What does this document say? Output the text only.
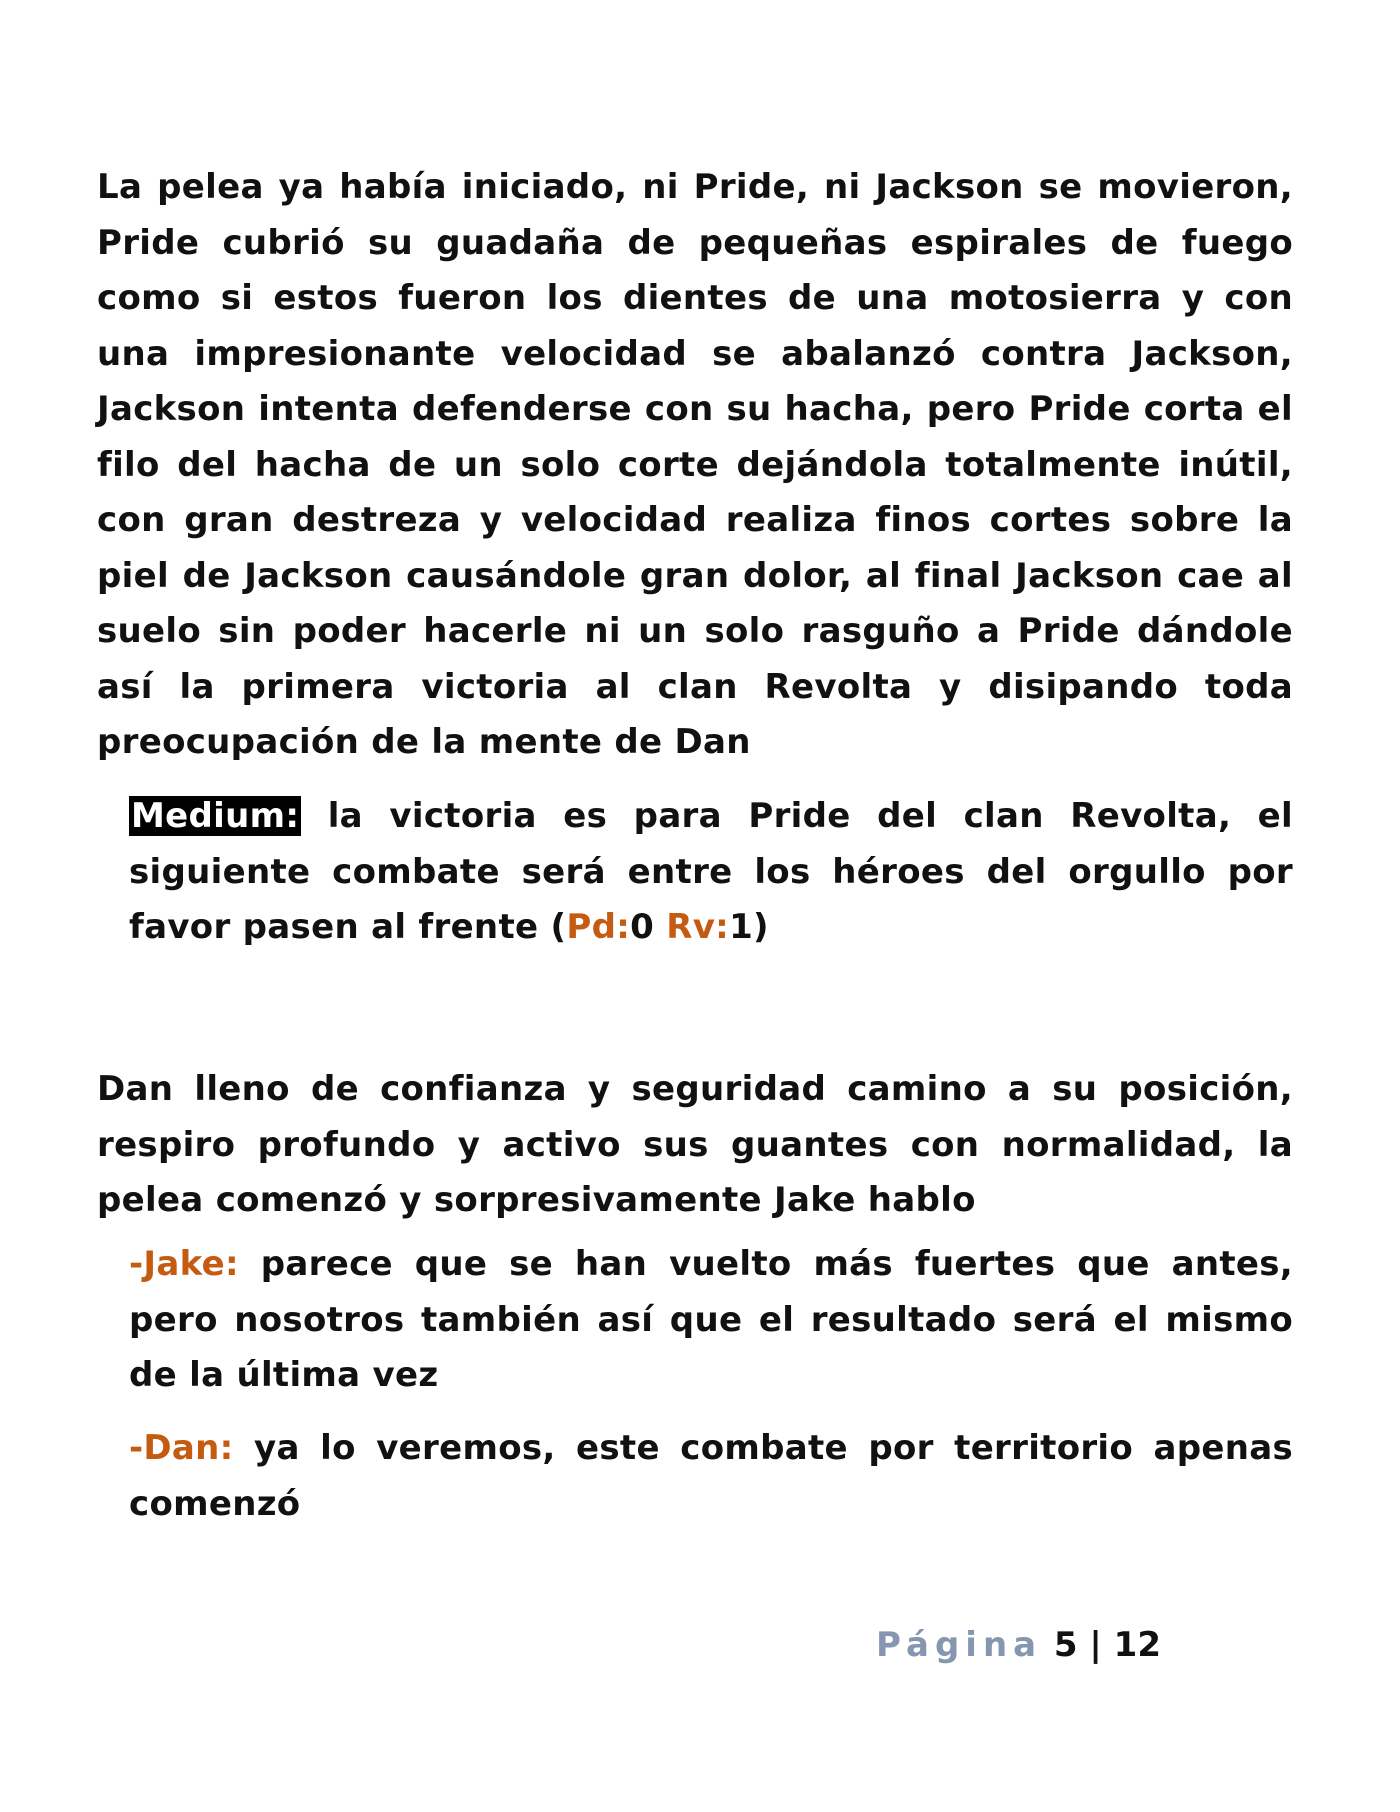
La pelea ya había iniciado, ni Pride, ni Jackson se movieron, Pride cubrió su guadaña de pequeñas espirales de fuego como si estos fueron los dientes de una motosierra y con una impresionante velocidad se abalanzó contra Jackson, Jackson intenta defenderse con su hacha, pero Pride corta el filo del hacha de un solo corte dejándola totalmente inútil, con gran destreza y velocidad realiza finos cortes sobre la piel de Jackson causándole gran dolor, al final Jackson cae al suelo sin poder hacerle ni un solo rasguño a Pride dándole así la primera victoria al clan Revolta y disipando toda preocupación de la mente de Dan

Medium: la victoria es para Pride del clan Revolta, el siguiente combate será entre los héroes del orgullo por favor pasen al frente (Pd:0 Rv:1)

Dan lleno de confianza y seguridad camino a su posición, respiro profundo y activo sus guantes con normalidad, la pelea comenzó y sorpresivamente Jake hablo

-Jake: parece que se han vuelto más fuertes que antes, pero nosotros también así que el resultado será el mismo de la última vez

-Dan: ya lo veremos, este combate por territorio apenas comenzó

Página 5 | 12
